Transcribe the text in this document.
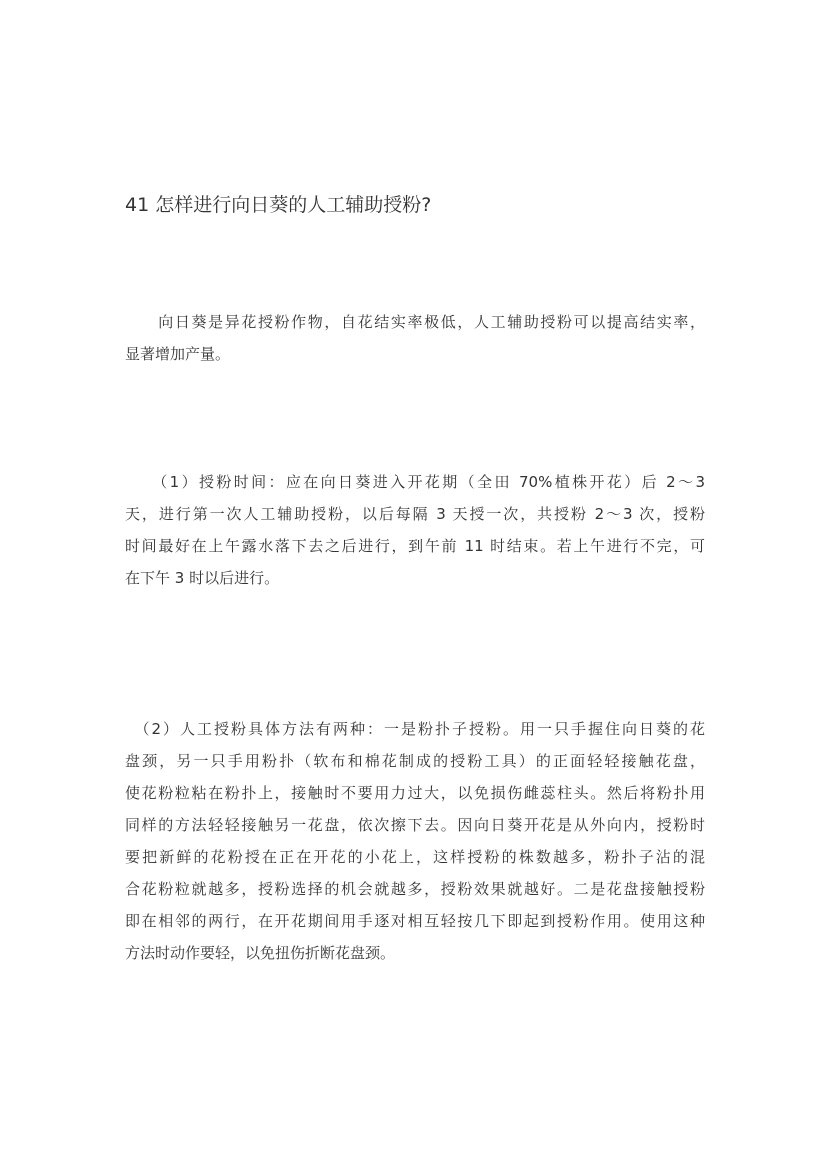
41 怎样进行向日葵的人工辅助授粉?
　　向日葵是异花授粉作物，自花结实率极低，人工辅助授粉可以提高结实率，
显著增加产量。
　　（1）授粉时间：应在向日葵进入开花期（全田 70%植株开花）后 2～3
天，进行第一次人工辅助授粉，以后每隔 3 天授一次，共授粉 2～3 次，授粉
时间最好在上午露水落下去之后进行，到午前 11 时结束。若上午进行不完，可
在下午 3 时以后进行。
　（2）人工授粉具体方法有两种：一是粉扑子授粉。用一只手握住向日葵的花
盘颈，另一只手用粉扑（软布和棉花制成的授粉工具）的正面轻轻接触花盘，
使花粉粒粘在粉扑上，接触时不要用力过大，以免损伤雌蕊柱头。然后将粉扑用
同样的方法轻轻接触另一花盘，依次擦下去。因向日葵开花是从外向内，授粉时
要把新鲜的花粉授在正在开花的小花上，这样授粉的株数越多，粉扑子沾的混
合花粉粒就越多，授粉选择的机会就越多，授粉效果就越好。二是花盘接触授粉
即在相邻的两行，在开花期间用手逐对相互轻按几下即起到授粉作用。使用这种
方法时动作要轻，以免扭伤折断花盘颈。
